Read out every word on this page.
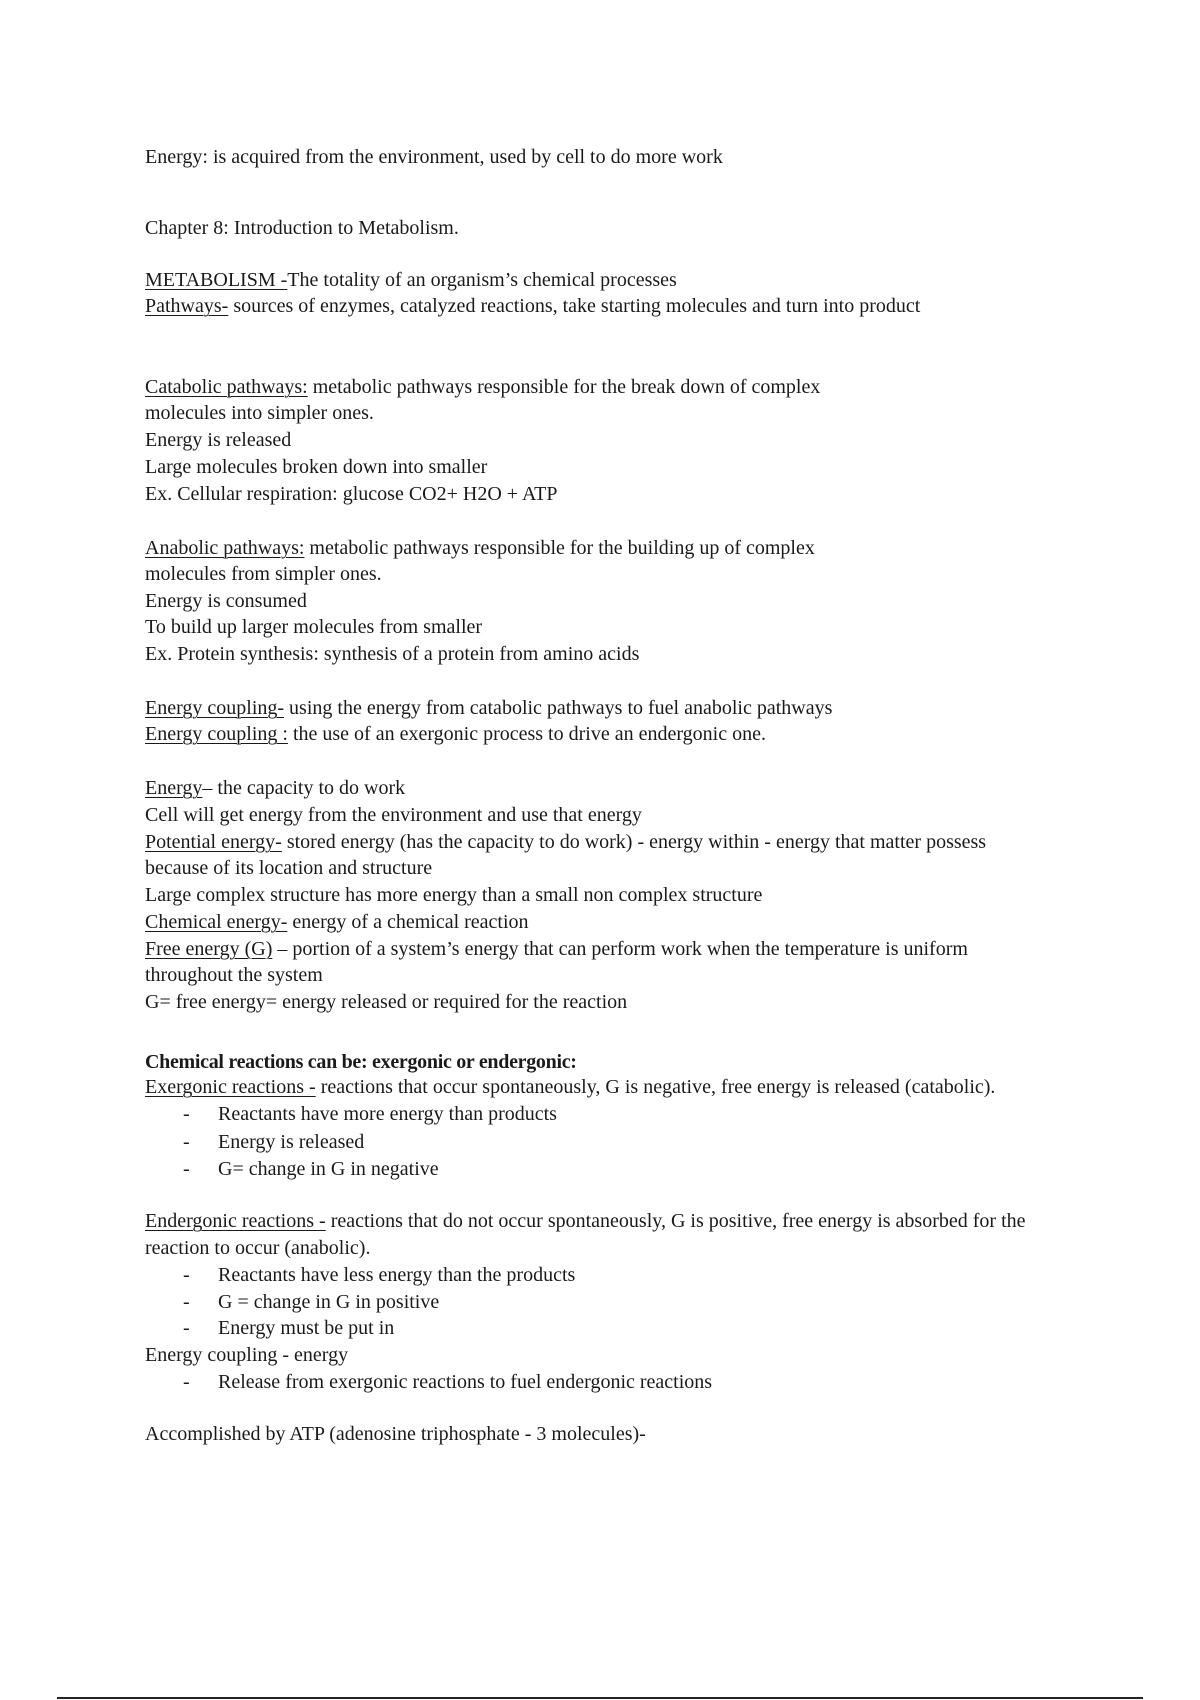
Energy: is acquired from the environment, used by cell to do more work
Chapter 8: Introduction to Metabolism.
METABOLISM -The totality of an organism’s chemical processes
Pathways- sources of enzymes, catalyzed reactions, take starting molecules and turn into product
Catabolic pathways: metabolic pathways responsible for the break down of complex
molecules into simpler ones.
Energy is released
Large molecules broken down into smaller
Ex. Cellular respiration: glucose CO2+ H2O + ATP
Anabolic pathways: metabolic pathways responsible for the building up of complex
molecules from simpler ones.
Energy is consumed
To build up larger molecules from smaller
Ex. Protein synthesis: synthesis of a protein from amino acids
Energy coupling- using the energy from catabolic pathways to fuel anabolic pathways
Energy coupling : the use of an exergonic process to drive an endergonic one.
Energy– the capacity to do work
Cell will get energy from the environment and use that energy
Potential energy- stored energy (has the capacity to do work) - energy within - energy that matter possess
because of its location and structure
Large complex structure has more energy than a small non complex structure
Chemical energy- energy of a chemical reaction
Free energy (G) – portion of a system’s energy that can perform work when the temperature is uniform
throughout the system
G= free energy= energy released or required for the reaction
Chemical reactions can be: exergonic or endergonic:
Exergonic reactions - reactions that occur spontaneously, G is negative, free energy is released (catabolic).
- Reactants have more energy than products
- Energy is released
- G= change in G in negative
Endergonic reactions - reactions that do not occur spontaneously, G is positive, free energy is absorbed for the
reaction to occur (anabolic).
- Reactants have less energy than the products
- G = change in G in positive
- Energy must be put in
Energy coupling - energy
- Release from exergonic reactions to fuel endergonic reactions
Accomplished by ATP (adenosine triphosphate - 3 molecules)-
